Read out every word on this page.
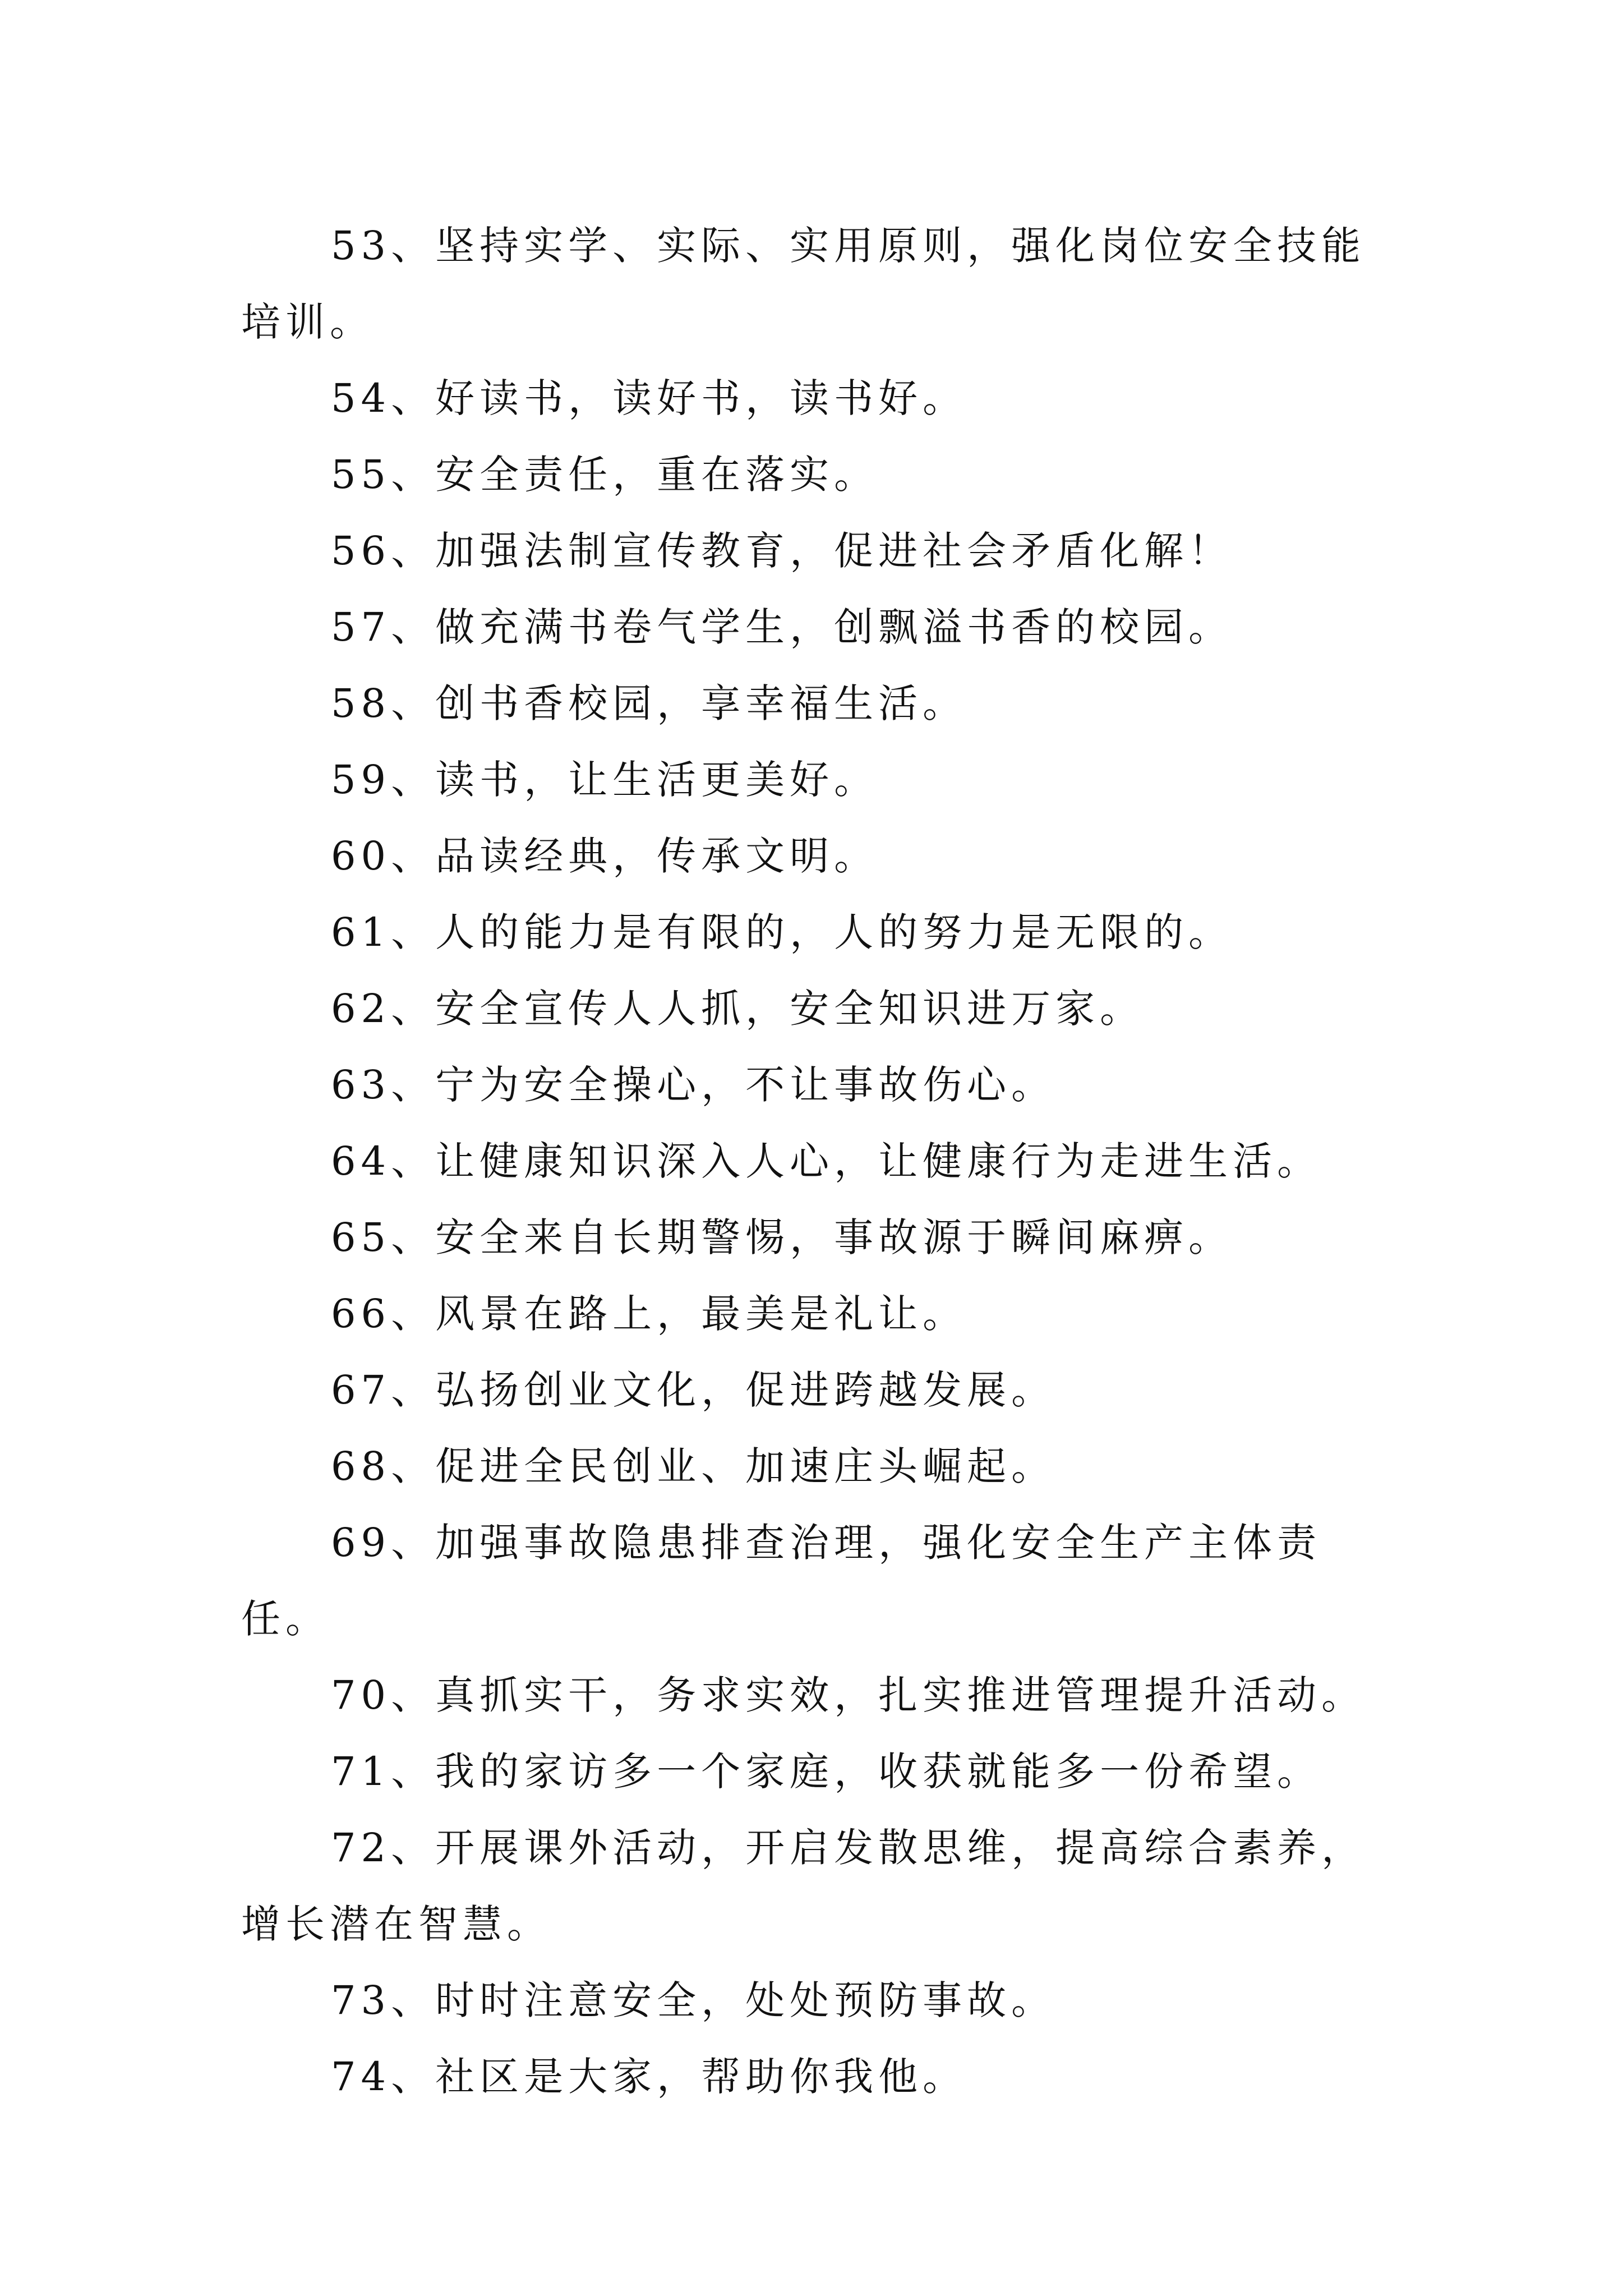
53、坚持实学、实际、实用原则，强化岗位安全技能培训。

54、好读书，读好书，读书好。

55、安全责任，重在落实。

56、加强法制宣传教育，促进社会矛盾化解！

57、做充满书卷气学生，创飘溢书香的校园。

58、创书香校园，享幸福生活。

59、读书，让生活更美好。

60、品读经典，传承文明。

61、人的能力是有限的，人的努力是无限的。

62、安全宣传人人抓，安全知识进万家。

63、宁为安全操心，不让事故伤心。

64、让健康知识深入人心，让健康行为走进生活。

65、安全来自长期警惕，事故源于瞬间麻痹。

66、风景在路上，最美是礼让。

67、弘扬创业文化，促进跨越发展。

68、促进全民创业、加速庄头崛起。

69、加强事故隐患排查治理，强化安全生产主体责任。

70、真抓实干，务求实效，扎实推进管理提升活动。

71、我的家访多一个家庭，收获就能多一份希望。

72、开展课外活动，开启发散思维，提高综合素养，增长潜在智慧。

73、时时注意安全，处处预防事故。

74、社区是大家，帮助你我他。
